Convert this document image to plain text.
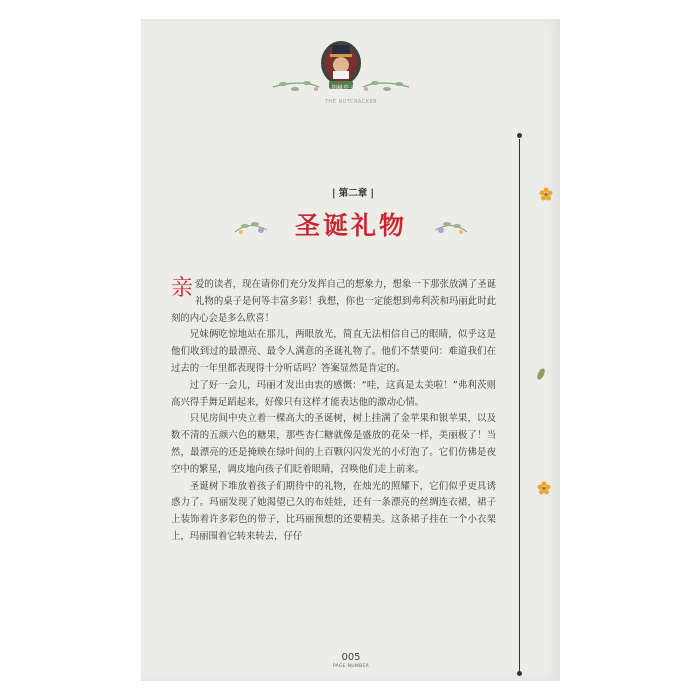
胡桃夹子
THE NUTCRACKER
| 第二章 |
圣诞礼物

亲爱的读者，现在请你们充分发挥自己的想象力，想象一下那张放满了圣诞礼物的桌子是何等丰富多彩！我想，你也一定能想到弗利茨和玛丽此时此刻的内心会是多么欣喜！

兄妹俩吃惊地站在那儿，两眼放光，简直无法相信自己的眼睛，似乎这是他们收到过的最漂亮、最令人满意的圣诞礼物了。他们不禁要问：难道我们在过去的一年里都表现得十分听话吗？答案显然是肯定的。

过了好一会儿，玛丽才发出由衷的感慨：“哇，这真是太美啦！”弗利茨则高兴得手舞足蹈起来，好像只有这样才能表达他的激动心情。

只见房间中央立着一棵高大的圣诞树，树上挂满了金苹果和银苹果，以及数不清的五颜六色的糖果，那些杏仁糖就像是盛放的花朵一样，美丽极了！当然，最漂亮的还是掩映在绿叶间的上百颗闪闪发光的小灯泡了。它们仿佛是夜空中的繁星，调皮地向孩子们眨着眼睛，召唤他们走上前来。

圣诞树下堆放着孩子们期待中的礼物，在烛光的照耀下，它们似乎更具诱惑力了。玛丽发现了她渴望已久的布娃娃，还有一条漂亮的丝绸连衣裙，裙子上装饰着许多彩色的带子，比玛丽预想的还要精美。这条裙子挂在一个小衣架上，玛丽围着它转来转去，仔仔

005
PAGE NUMBER
